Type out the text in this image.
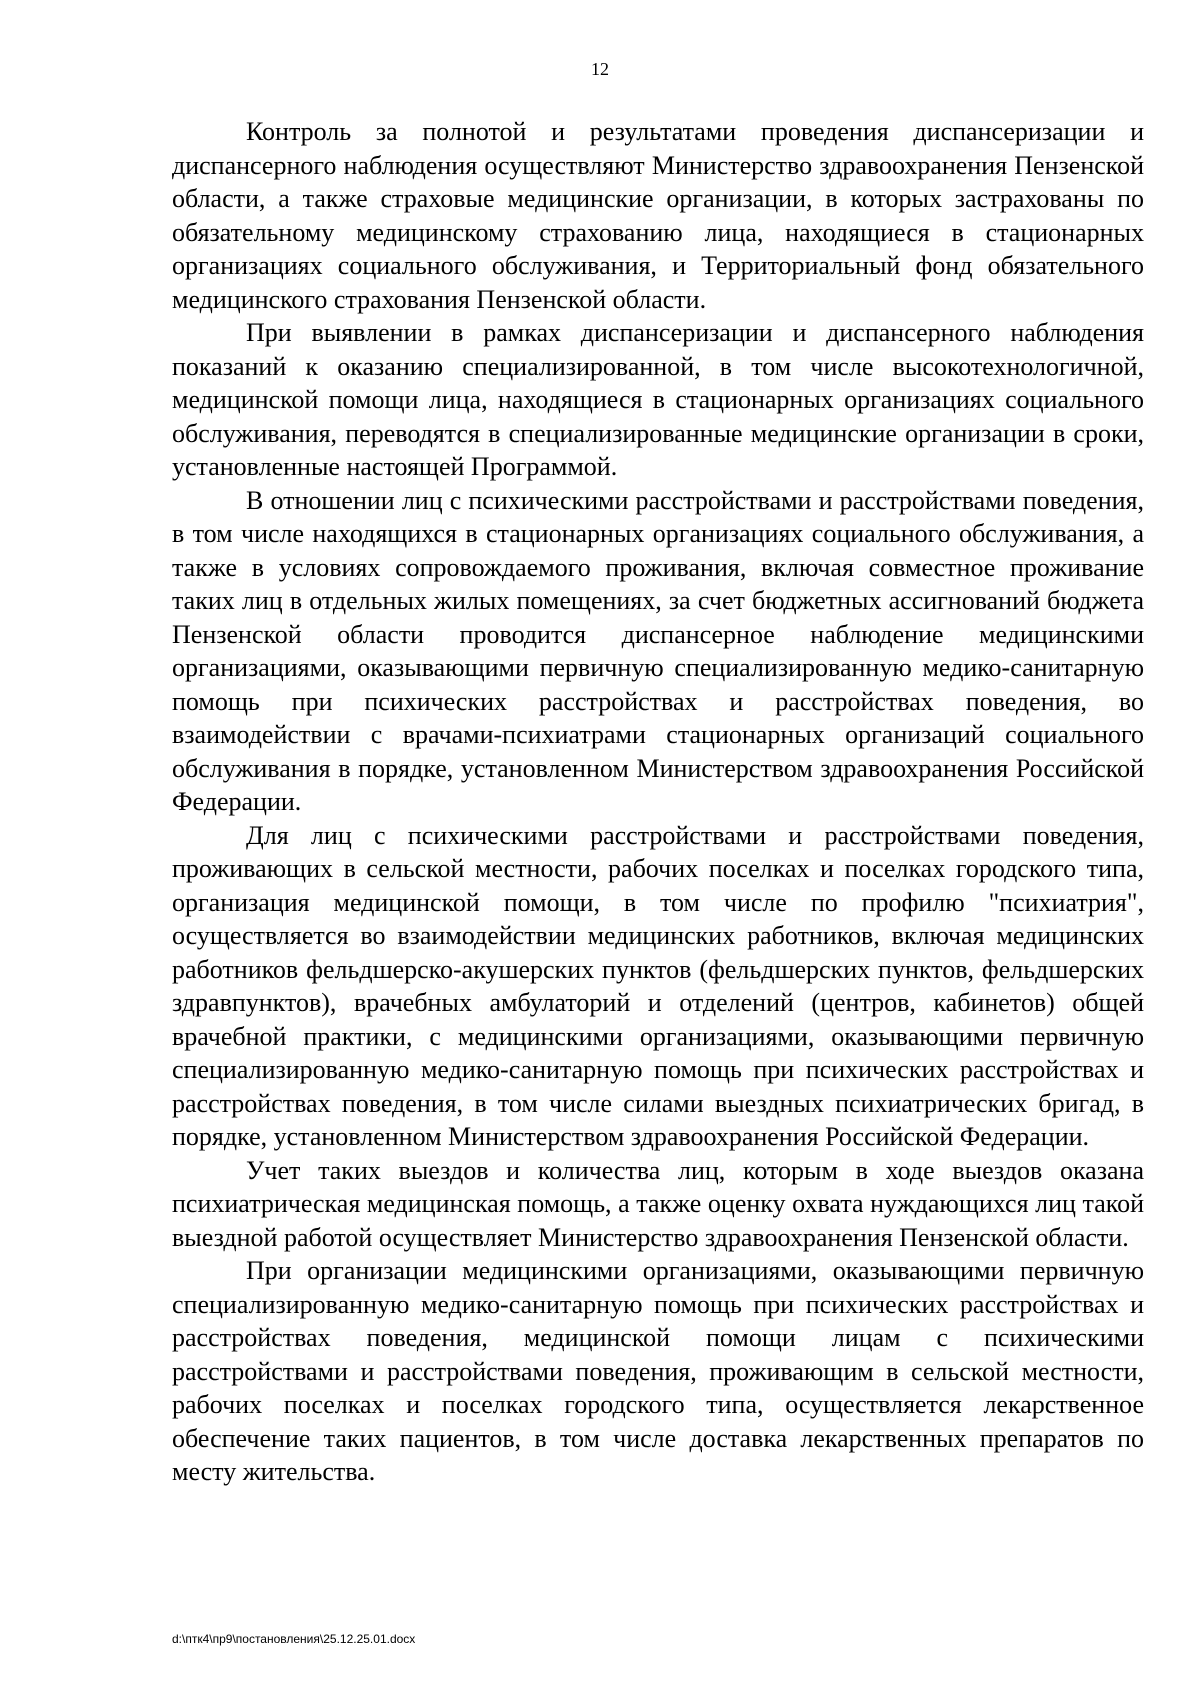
12

Контроль за полнотой и результатами проведения диспансеризации и диспансерного наблюдения осуществляют Министерство здравоохранения Пензенской области, а также страховые медицинские организации, в которых застрахованы по обязательному медицинскому страхованию лица, находящиеся в стационарных организациях социального обслуживания, и Территориальный фонд обязательного медицинского страхования Пензенской области.

При выявлении в рамках диспансеризации и диспансерного наблюдения показаний к оказанию специализированной, в том числе высокотехнологичной, медицинской помощи лица, находящиеся в стационарных организациях социального обслуживания, переводятся в специализированные медицинские организации в сроки, установленные настоящей Программой.

В отношении лиц с психическими расстройствами и расстройствами поведения, в том числе находящихся в стационарных организациях социального обслуживания, а также в условиях сопровождаемого проживания, включая совместное проживание таких лиц в отдельных жилых помещениях, за счет бюджетных ассигнований бюджета Пензенской области проводится диспансерное наблюдение медицинскими организациями, оказывающими первичную специализированную медико-санитарную помощь при психических расстройствах и расстройствах поведения, во взаимодействии с врачами-психиатрами стационарных организаций социального обслуживания в порядке, установленном Министерством здравоохранения Российской Федерации.

Для лиц с психическими расстройствами и расстройствами поведения, проживающих в сельской местности, рабочих поселках и поселках городского типа, организация медицинской помощи, в том числе по профилю "психиатрия", осуществляется во взаимодействии медицинских работников, включая медицинских работников фельдшерско-акушерских пунктов (фельдшерских пунктов, фельдшерских здравпунктов), врачебных амбулаторий и отделений (центров, кабинетов) общей врачебной практики, с медицинскими организациями, оказывающими первичную специализированную медико-санитарную помощь при психических расстройствах и расстройствах поведения, в том числе силами выездных психиатрических бригад, в порядке, установленном Министерством здравоохранения Российской Федерации.

Учет таких выездов и количества лиц, которым в ходе выездов оказана психиатрическая медицинская помощь, а также оценку охвата нуждающихся лиц такой выездной работой осуществляет Министерство здравоохранения Пензенской области.

При организации медицинскими организациями, оказывающими первичную специализированную медико-санитарную помощь при психических расстройствах и расстройствах поведения, медицинской помощи лицам с психическими расстройствами и расстройствами поведения, проживающим в сельской местности, рабочих поселках и поселках городского типа, осуществляется лекарственное обеспечение таких пациентов, в том числе доставка лекарственных препаратов по месту жительства.

d:\птк4\пр9\постановления\25.12.25.01.docx
